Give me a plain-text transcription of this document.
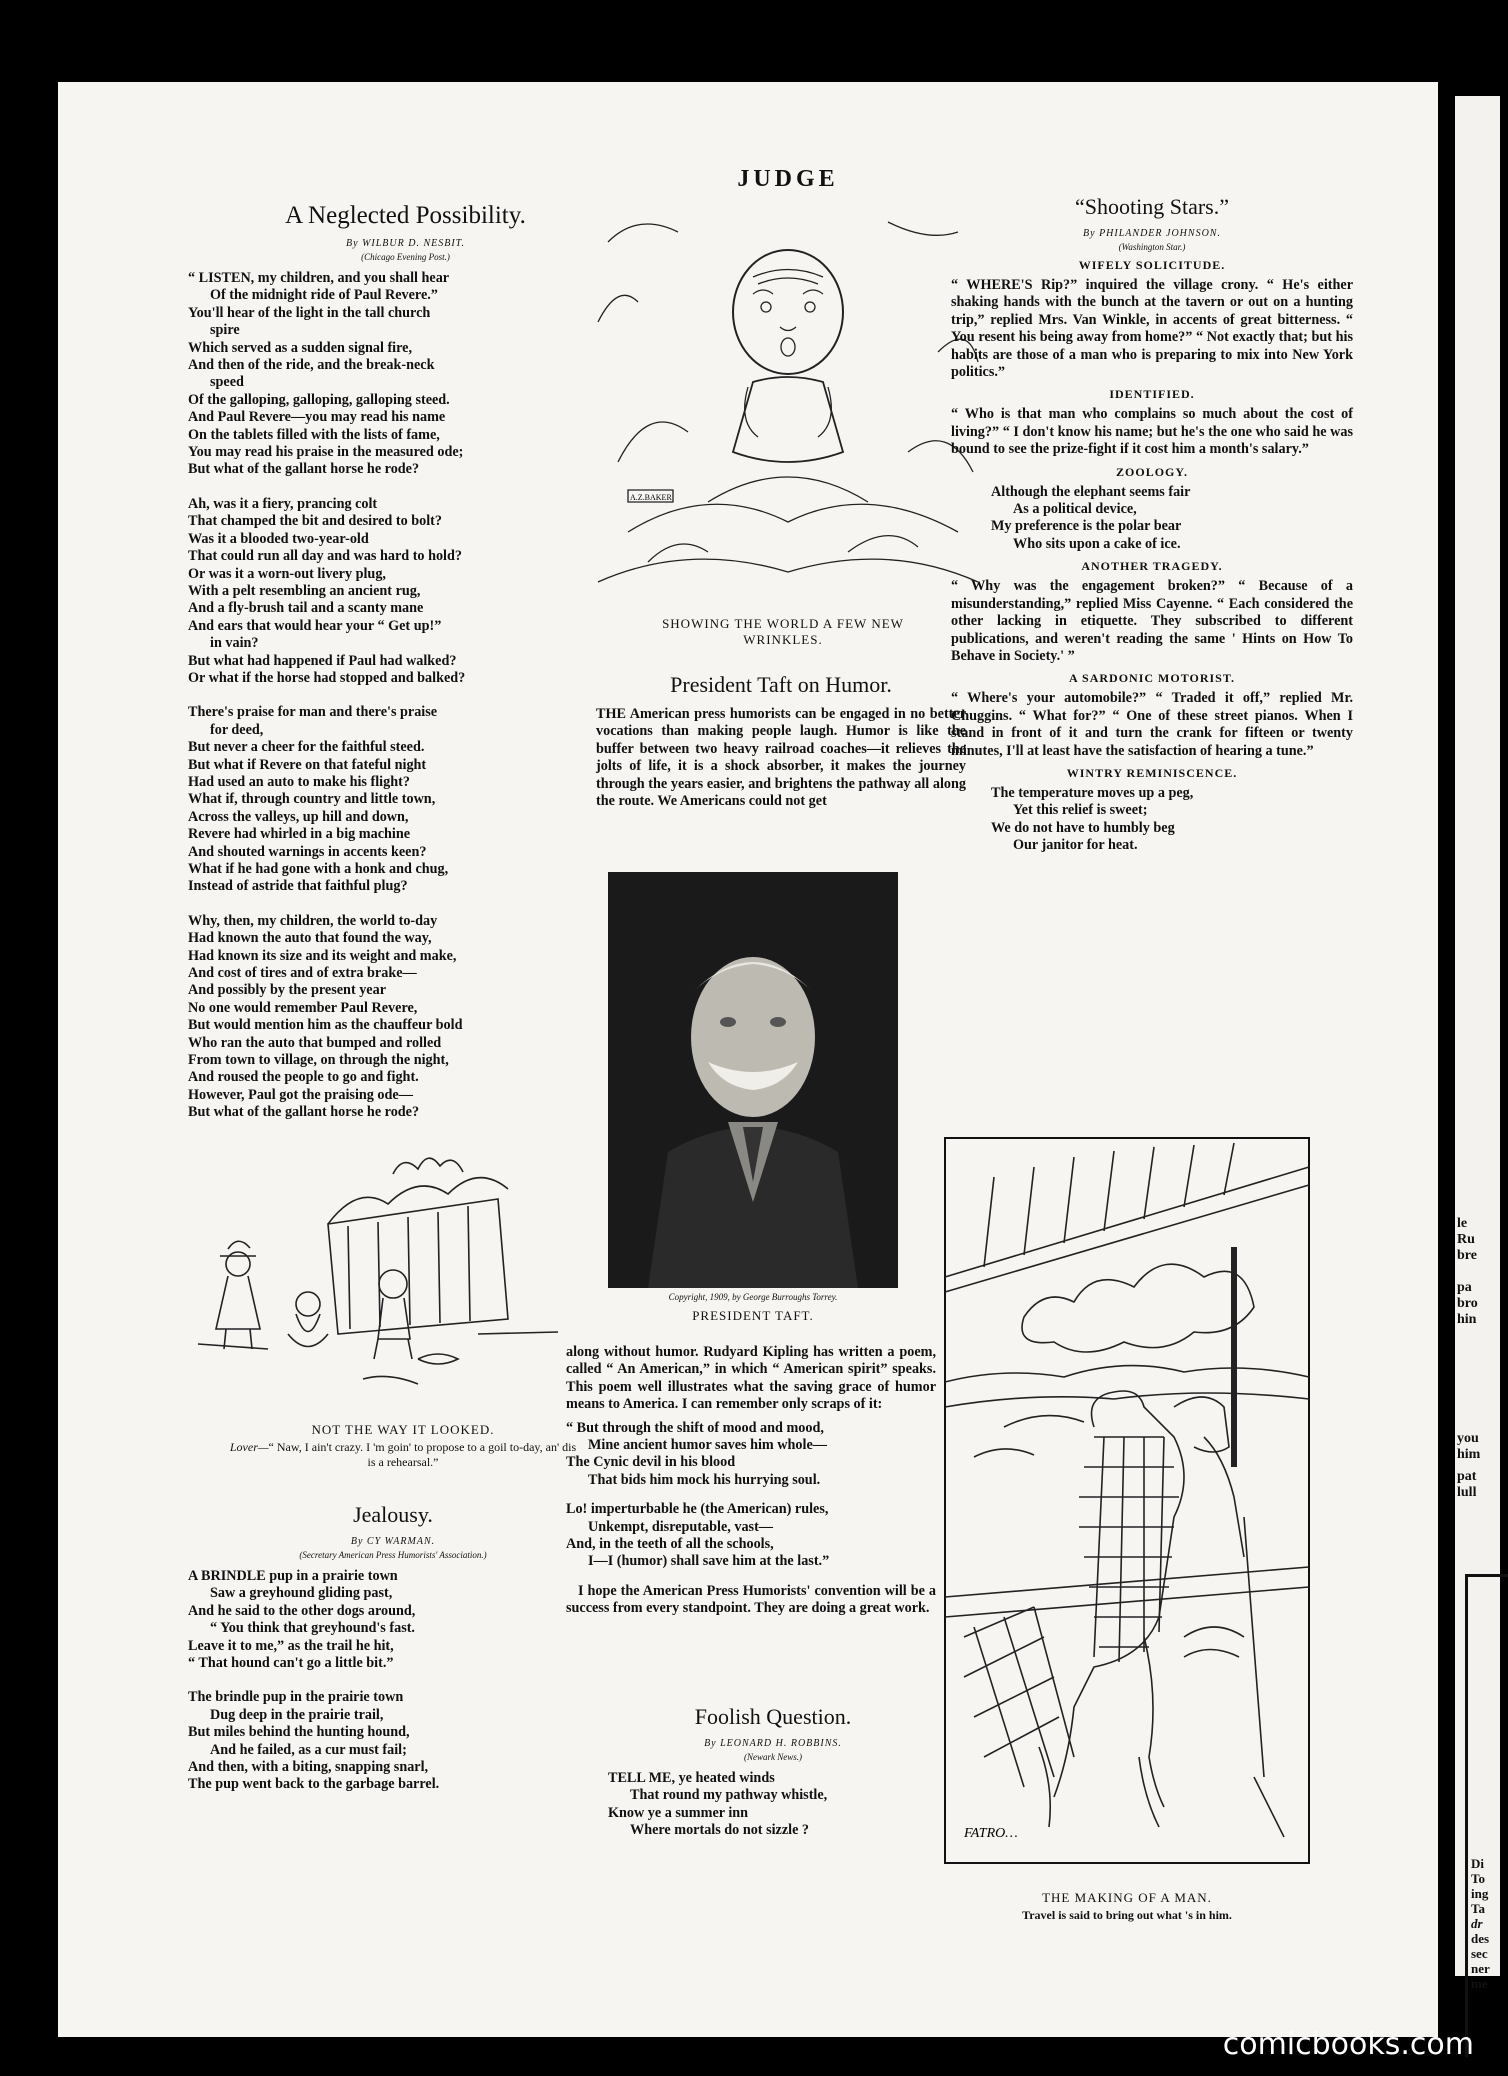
JUDGE
A Neglected Possibility.
By WILBUR D. NESBIT.
(Chicago Evening Post.)
“ LISTEN, my children, and you shall hear
Of the midnight ride of Paul Revere.”
You'll hear of the light in the tall church
spire
Which served as a sudden signal fire,
And then of the ride, and the break-neck
speed
Of the galloping, galloping, galloping steed.
And Paul Revere—you may read his name
On the tablets filled with the lists of fame,
You may read his praise in the measured ode;
But what of the gallant horse he rode?
Ah, was it a fiery, prancing colt
That champed the bit and desired to bolt?
Was it a blooded two-year-old
That could run all day and was hard to hold?
Or was it a worn-out livery plug,
With a pelt resembling an ancient rug,
And a fly-brush tail and a scanty mane
And ears that would hear your “ Get up!”
in vain?
But what had happened if Paul had walked?
Or what if the horse had stopped and balked?
There's praise for man and there's praise
for deed,
But never a cheer for the faithful steed.
But what if Revere on that fateful night
Had used an auto to make his flight?
What if, through country and little town,
Across the valleys, up hill and down,
Revere had whirled in a big machine
And shouted warnings in accents keen?
What if he had gone with a honk and chug,
Instead of astride that faithful plug?
Why, then, my children, the world to-day
Had known the auto that found the way,
Had known its size and its weight and make,
And cost of tires and of extra brake—
And possibly by the present year
No one would remember Paul Revere,
But would mention him as the chauffeur bold
Who ran the auto that bumped and rolled
From town to village, on through the night,
And roused the people to go and fight.
However, Paul got the praising ode—
But what of the gallant horse he rode?
NOT THE WAY IT LOOKED.
Lover—“ Naw, I ain't crazy. I 'm goin' to propose to a goil to-day, an' dis is a rehearsal.”
Jealousy.
By CY WARMAN.
(Secretary American Press Humorists' Association.)
A BRINDLE pup in a prairie town
Saw a greyhound gliding past,
And he said to the other dogs around,
“ You think that greyhound's fast.
Leave it to me,” as the trail he hit,
“ That hound can't go a little bit.”
The brindle pup in the prairie town
Dug deep in the prairie trail,
But miles behind the hunting hound,
And he failed, as a cur must fail;
And then, with a biting, snapping snarl,
The pup went back to the garbage barrel.
A.Z.BAKER
SHOWING THE WORLD A FEW NEW
WRINKLES.
President Taft on Humor.

THE American press humorists can be engaged in no better vocations than making people laugh. Humor is like the buffer between two heavy railroad coaches—it relieves the jolts of life, it is a shock absorber, it makes the journey through the years easier, and brightens the pathway all along the route. We Americans could not get

Copyright, 1909, by George Burroughs Torrey.
PRESIDENT TAFT.

along without humor. Rudyard Kipling has written a poem, called “ An American,” in which “ American spirit” speaks. This poem well illustrates what the saving grace of humor means to America. I can remember only scraps of it:

“ But through the shift of mood and mood,
Mine ancient humor saves him whole—
The Cynic devil in his blood
That bids him mock his hurrying soul.
Lo! imperturbable he (the American) rules,
Unkempt, disreputable, vast—
And, in the teeth of all the schools,
I—I (humor) shall save him at the last.”

I hope the American Press Humorists' convention will be a success from every standpoint. They are doing a great work.

Foolish Question.
By LEONARD H. ROBBINS.
(Newark News.)
TELL ME, ye heated winds
That round my pathway whistle,
Know ye a summer inn
Where mortals do not sizzle ?
“Shooting Stars.”
By PHILANDER JOHNSON.
(Washington Star.)
WIFELY SOLICITUDE.
“ WHERE'S Rip?” inquired the village crony. “ He's either shaking hands with the bunch at the tavern or out on a hunting trip,” replied Mrs. Van Winkle, in accents of great bitterness. “ You resent his being away from home?” “ Not exactly that; but his habits are those of a man who is preparing to mix into New York politics.”
IDENTIFIED.
“ Who is that man who complains so much about the cost of living?” “ I don't know his name; but he's the one who said he was bound to see the prize-fight if it cost him a month's salary.”
ZOOLOGY.
Although the elephant seems fair
As a political device,
My preference is the polar bear
Who sits upon a cake of ice.
ANOTHER TRAGEDY.
“ Why was the engagement broken?” “ Because of a misunderstanding,” replied Miss Cayenne. “ Each considered the other lacking in etiquette. They subscribed to different publications, and weren't reading the same ' Hints on How To Behave in Society.' ”
A SARDONIC MOTORIST.
“ Where's your automobile?” “ Traded it off,” replied Mr. Chuggins. “ What for?” “ One of these street pianos. When I stand in front of it and turn the crank for fifteen or twenty minutes, I'll at least have the satisfaction of hearing a tune.”
WINTRY REMINISCENCE.
The temperature moves up a peg,
Yet this relief is sweet;
We do not have to humbly beg
Our janitor for heat.
FATRO…
THE MAKING OF A MAN.
Travel is said to bring out what 's in him.
le
Ru
bre
pa
bro
hin
you
him
pat
lull
Di
To
ing
Ta
dr
des
sec
ner
me
comicbooks.com
